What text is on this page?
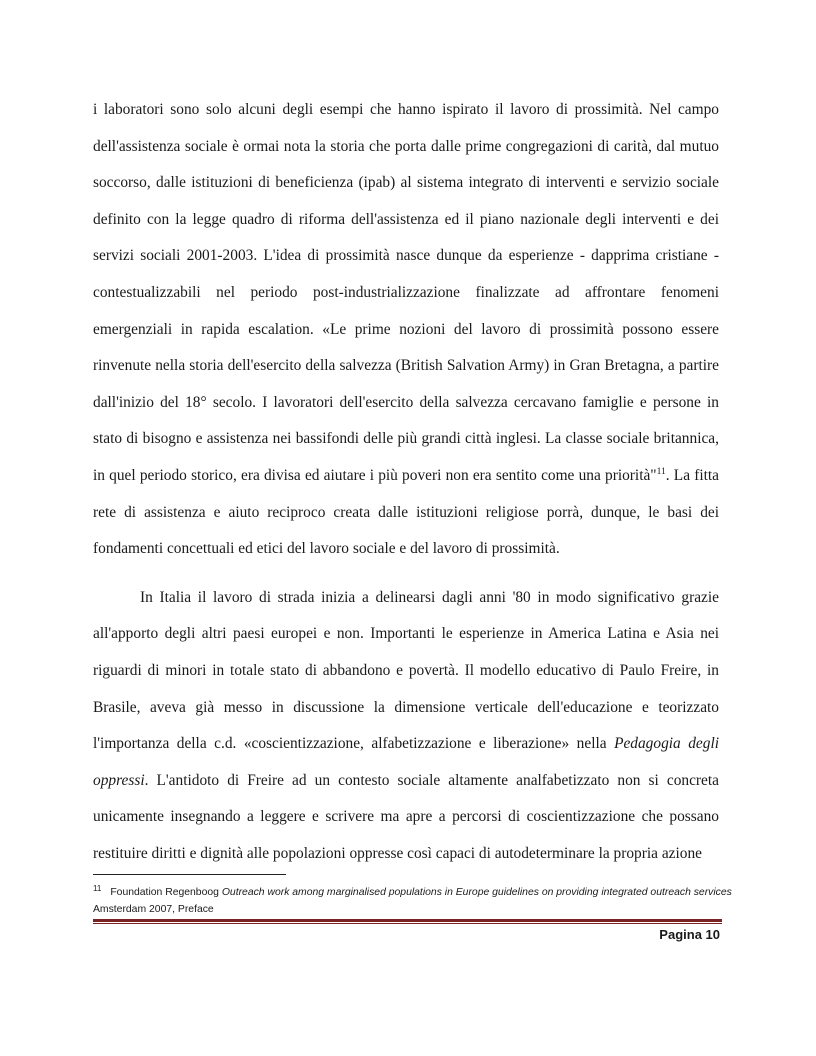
i laboratori sono solo alcuni degli esempi che hanno ispirato il lavoro di prossimità. Nel campo dell'assistenza sociale è ormai nota la storia che porta dalle prime congregazioni di carità, dal mutuo soccorso, dalle istituzioni di beneficienza (ipab) al sistema integrato di interventi e servizio sociale definito con la legge quadro di riforma dell'assistenza ed il piano nazionale degli interventi e dei servizi sociali 2001-2003. L'idea di prossimità nasce dunque da esperienze - dapprima cristiane - contestualizzabili nel periodo post-industrializzazione finalizzate ad affrontare fenomeni emergenziali in rapida escalation. «Le prime nozioni del lavoro di prossimità possono essere rinvenute nella storia dell'esercito della salvezza (British Salvation Army) in Gran Bretagna, a partire dall'inizio del 18° secolo. I lavoratori dell'esercito della salvezza cercavano famiglie e persone in stato di bisogno e assistenza nei bassifondi delle più grandi città inglesi. La classe sociale britannica, in quel periodo storico, era divisa ed aiutare i più poveri non era sentito come una priorità"$^{11}$. La fitta rete di assistenza e aiuto reciproco creata dalle istituzioni religiose porrà, dunque, le basi dei fondamenti concettuali ed etici del lavoro sociale e del lavoro di prossimità.

In Italia il lavoro di strada inizia a delinearsi dagli anni '80 in modo significativo grazie all'apporto degli altri paesi europei e non. Importanti le esperienze in America Latina e Asia nei riguardi di minori in totale stato di abbandono e povertà. Il modello educativo di Paulo Freire, in Brasile, aveva già messo in discussione la dimensione verticale dell'educazione e teorizzato l'importanza della c.d. «coscientizzazione, alfabetizzazione e liberazione» nella Pedagogia degli oppressi. L'antidoto di Freire ad un contesto sociale altamente analfabetizzato non si concreta unicamente insegnando a leggere e scrivere ma apre a percorsi di coscientizzazione che possano restituire diritti e dignità alle popolazioni oppresse così capaci di autodeterminare la propria azione

$^{11}$ Foundation Regenboog Outreach work among marginalised populations in Europe guidelines on providing integrated outreach services Amsterdam 2007, Preface
Pagina 10
